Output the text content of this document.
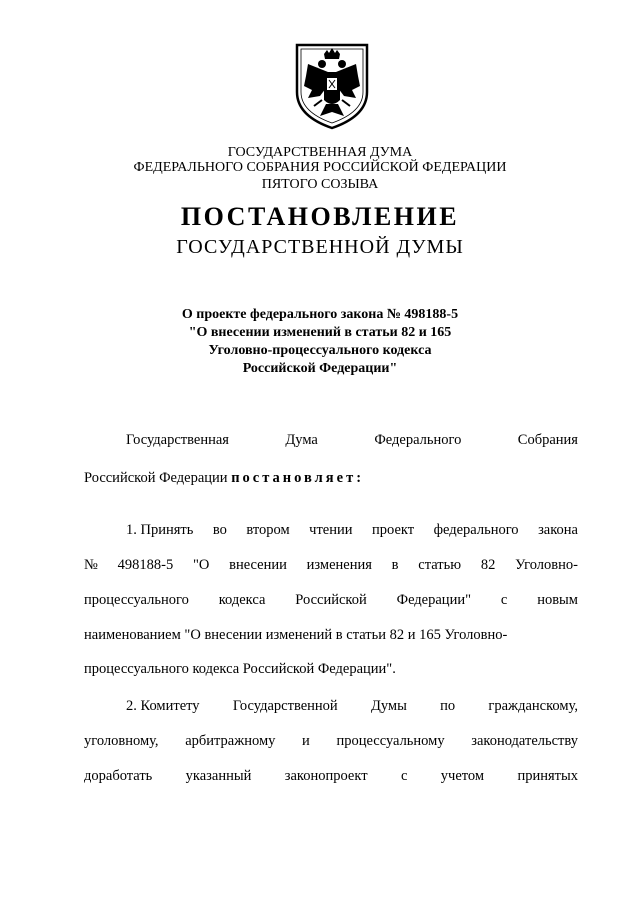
ГОСУДАРСТВЕННАЯ ДУМА
ФЕДЕРАЛЬНОГО СОБРАНИЯ РОССИЙСКОЙ ФЕДЕРАЦИИ
ПЯТОГО СОЗЫВА
ПОСТАНОВЛЕНИЕ
ГОСУДАРСТВЕННОЙ ДУМЫ
О проекте федерального закона № 498188-5
"О внесении изменений в статьи 82 и 165
Уголовно-процессуального кодекса
Российской Федерации"
Государственная	Дума	Федерального	Собрания
Российской Федерации постановляет:
1. Принять во втором чтении проект федерального закона
№ 498188-5 "О внесении изменения в статью 82 Уголовно-
процессуального кодекса Российской Федерации" с новым
наименованием "О внесении изменений в статьи 82 и 165 Уголовно-
процессуального кодекса Российской Федерации".
2. Комитету Государственной Думы по гражданскому,
уголовному, арбитражному и процессуальному законодательству
доработать указанный законопроект с учетом принятых
